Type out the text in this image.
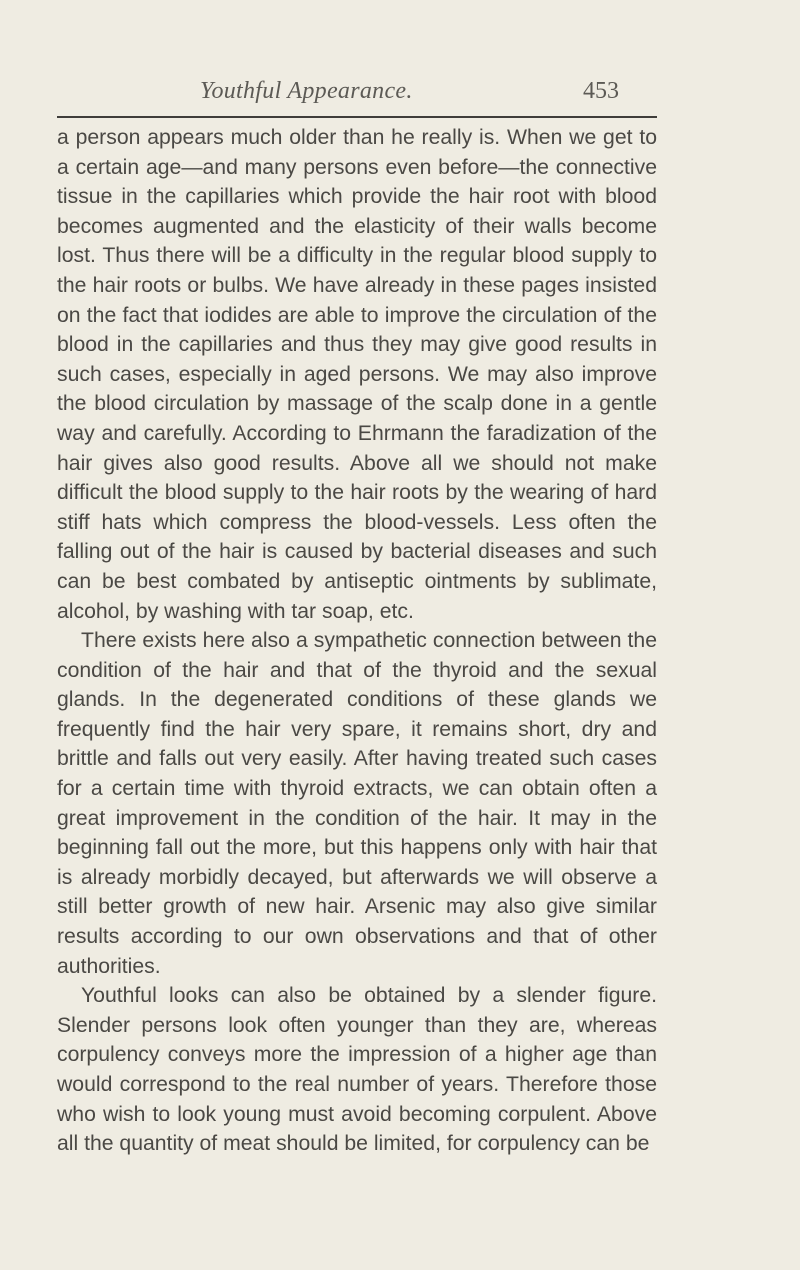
Youthful Appearance.	453

a person appears much older than he really is. When we get to a certain age—and many persons even before—the connective tissue in the capillaries which provide the hair root with blood becomes augmented and the elasticity of their walls become lost. Thus there will be a difficulty in the regular blood supply to the hair roots or bulbs. We have already in these pages insisted on the fact that iodides are able to improve the circulation of the blood in the capillaries and thus they may give good results in such cases, especially in aged persons. We may also improve the blood circulation by massage of the scalp done in a gentle way and carefully. According to Ehrmann the faradization of the hair gives also good results. Above all we should not make difficult the blood supply to the hair roots by the wearing of hard stiff hats which compress the blood-vessels. Less often the falling out of the hair is caused by bacterial diseases and such can be best combated by antiseptic ointments by sublimate, alcohol, by washing with tar soap, etc.

There exists here also a sympathetic connection between the condition of the hair and that of the thyroid and the sexual glands. In the degenerated conditions of these glands we frequently find the hair very spare, it remains short, dry and brittle and falls out very easily. After having treated such cases for a certain time with thyroid extracts, we can obtain often a great improvement in the condition of the hair. It may in the beginning fall out the more, but this happens only with hair that is already morbidly decayed, but afterwards we will observe a still better growth of new hair. Arsenic may also give similar results according to our own observations and that of other authorities.

Youthful looks can also be obtained by a slender figure. Slender persons look often younger than they are, whereas corpulency conveys more the impression of a higher age than would correspond to the real number of years. Therefore those who wish to look young must avoid becoming corpulent. Above all the quantity of meat should be limited, for corpulency can be
